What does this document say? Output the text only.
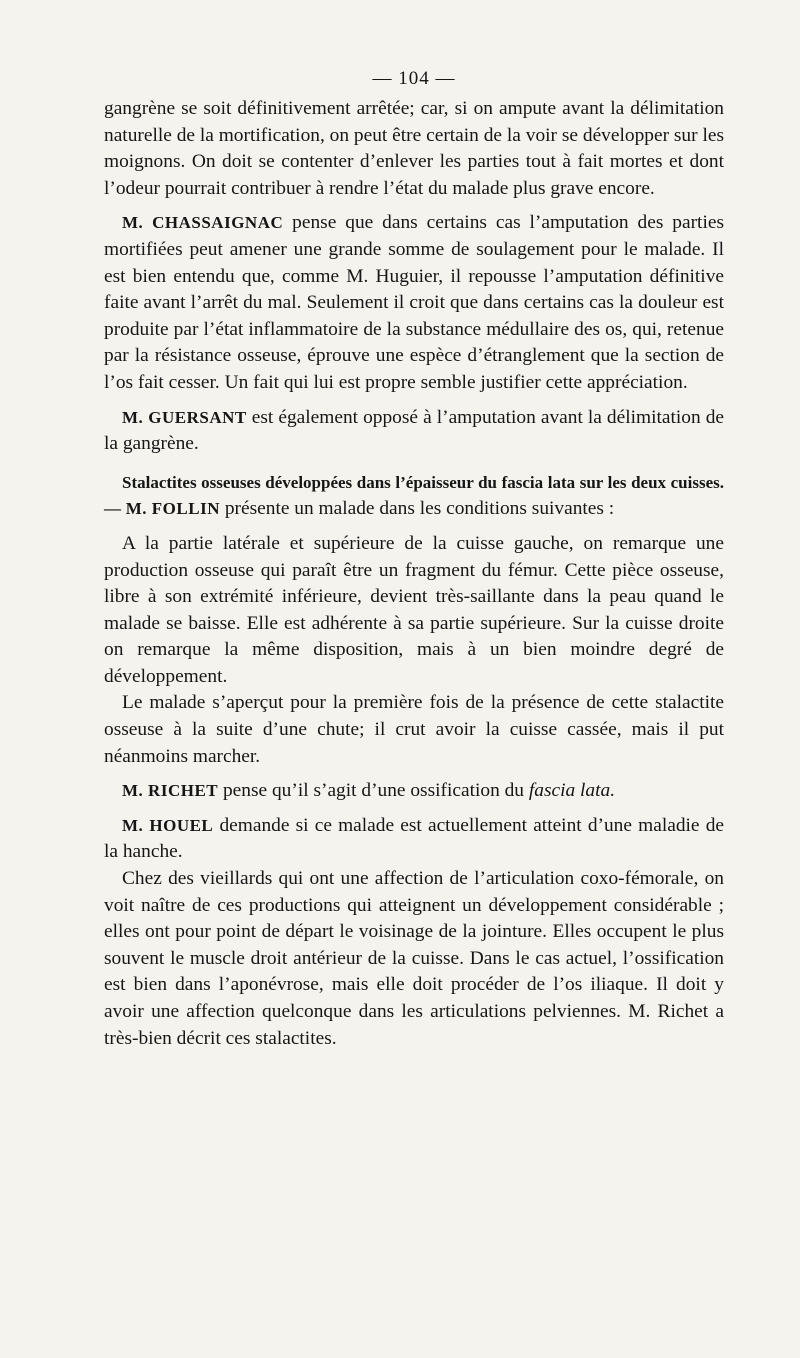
— 104 —

gangrène se soit définitivement arrêtée; car, si on ampute avant la délimitation naturelle de la mortification, on peut être certain de la voir se développer sur les moignons. On doit se contenter d’enlever les parties tout à fait mortes et dont l’odeur pourrait contribuer à rendre l’état du malade plus grave encore.

M. CHASSAIGNAC pense que dans certains cas l’amputation des parties mortifiées peut amener une grande somme de soulagement pour le malade. Il est bien entendu que, comme M. Huguier, il repousse l’amputation définitive faite avant l’arrêt du mal. Seulement il croit que dans certains cas la douleur est produite par l’état inflammatoire de la substance médullaire des os, qui, retenue par la résistance osseuse, éprouve une espèce d’étranglement que la section de l’os fait cesser. Un fait qui lui est propre semble justifier cette appréciation.

M. GUERSANT est également opposé à l’amputation avant la délimitation de la gangrène.

Stalactites osseuses développées dans l’épaisseur du fascia lata sur les deux cuisses. — M. FOLLIN présente un malade dans les conditions suivantes :

A la partie latérale et supérieure de la cuisse gauche, on remarque une production osseuse qui paraît être un fragment du fémur. Cette pièce osseuse, libre à son extrémité inférieure, devient très-saillante dans la peau quand le malade se baisse. Elle est adhérente à sa partie supérieure. Sur la cuisse droite on remarque la même disposition, mais à un bien moindre degré de développement.

Le malade s’aperçut pour la première fois de la présence de cette stalactite osseuse à la suite d’une chute; il crut avoir la cuisse cassée, mais il put néanmoins marcher.

M. RICHET pense qu’il s’agit d’une ossification du fascia lata.

M. HOUEL demande si ce malade est actuellement atteint d’une maladie de la hanche.

Chez des vieillards qui ont une affection de l’articulation coxo-fémorale, on voit naître de ces productions qui atteignent un développement considérable ; elles ont pour point de départ le voisinage de la jointure. Elles occupent le plus souvent le muscle droit antérieur de la cuisse. Dans le cas actuel, l’ossification est bien dans l’aponévrose, mais elle doit procéder de l’os iliaque. Il doit y avoir une affection quelconque dans les articulations pelviennes. M. Richet a très-bien décrit ces stalactites.
